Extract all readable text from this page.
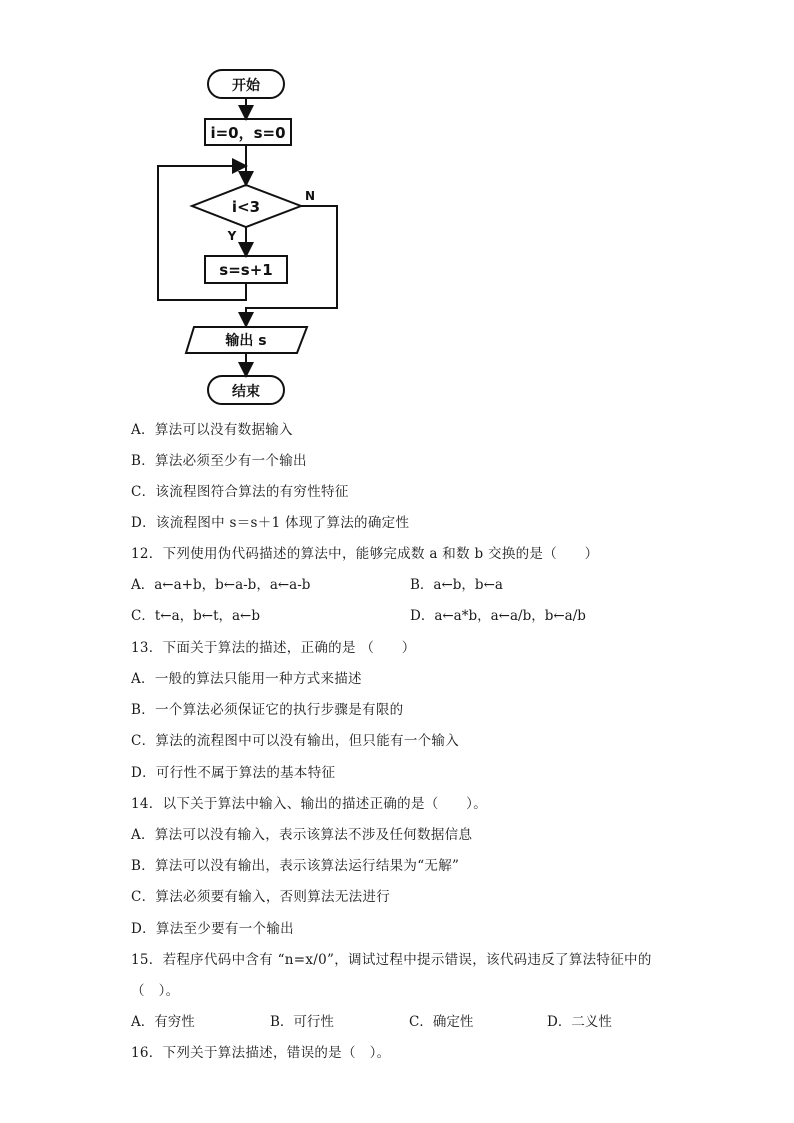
开始
i=0，s=0
i<3
Y
s=s+1
N
输出 s
结束
A．算法可以没有数据输入
B．算法必须至少有一个输出
C．该流程图符合算法的有穷性特征
D．该流程图中 s＝s＋1 体现了算法的确定性
12．下列使用伪代码描述的算法中，能够完成数 a 和数 b 交换的是（　　）
A．a←a+b，b←a-b，a←a-b	B．a←b，b←a
C．t←a，b←t，a←b	D．a←a*b，a←a/b，b←a/b
13．下面关于算法的描述，正确的是 （　　）
A．一般的算法只能用一种方式来描述
B．一个算法必须保证它的执行步骤是有限的
C．算法的流程图中可以没有输出，但只能有一个输入
D．可行性不属于算法的基本特征
14．以下关于算法中输入、输出的描述正确的是（　　）。
A．算法可以没有输入，表示该算法不涉及任何数据信息
B．算法可以没有输出，表示该算法运行结果为“无解”
C．算法必须要有输入，否则算法无法进行
D．算法至少要有一个输出
15．若程序代码中含有 “n=x/0”，调试过程中提示错误，该代码违反了算法特征中的
（　）。
A．有穷性	B．可行性	C．确定性	D．二义性
16．下列关于算法描述，错误的是（　）。
